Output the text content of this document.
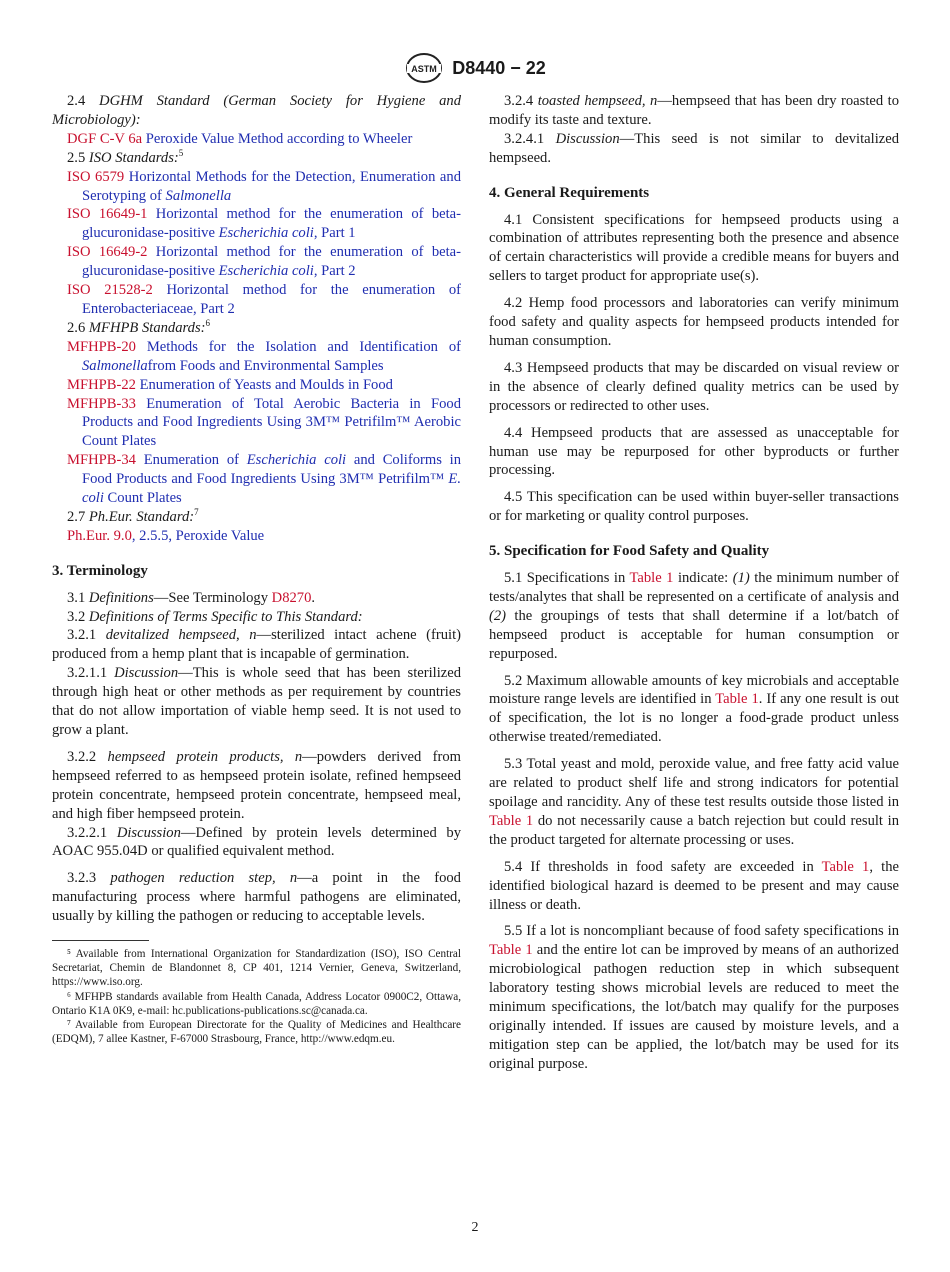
ASTM D8440 − 22

2.4 DGHM Standard (German Society for Hygiene and Microbiology):

DGF C-V 6a Peroxide Value Method according to Wheeler

2.5 ISO Standards:$^5$

ISO 6579 Horizontal Methods for the Detection, Enumeration and Serotyping of Salmonella

ISO 16649-1 Horizontal method for the enumeration of beta-glucuronidase-positive Escherichia coli, Part 1

ISO 16649-2 Horizontal method for the enumeration of beta-glucuronidase-positive Escherichia coli, Part 2

ISO 21528-2 Horizontal method for the enumeration of Enterobacteriaceae, Part 2

2.6 MFHPB Standards:$^6$

MFHPB-20 Methods for the Isolation and Identification of Salmonellafrom Foods and Environmental Samples

MFHPB-22 Enumeration of Yeasts and Moulds in Food

MFHPB-33 Enumeration of Total Aerobic Bacteria in Food Products and Food Ingredients Using 3M™ Petrifilm™ Aerobic Count Plates

MFHPB-34 Enumeration of Escherichia coli and Coliforms in Food Products and Food Ingredients Using 3M™ Petrifilm™ E. coli Count Plates

2.7 Ph.Eur. Standard:$^7$

Ph.Eur. 9.0, 2.5.5, Peroxide Value

3. Terminology

3.1 Definitions—See Terminology D8270.

3.2 Definitions of Terms Specific to This Standard:

3.2.1 devitalized hempseed, n—sterilized intact achene (fruit) produced from a hemp plant that is incapable of germination.

3.2.1.1 Discussion—This is whole seed that has been sterilized through high heat or other methods as per requirement by countries that do not allow importation of viable hemp seed. It is not used to grow a plant.

3.2.2 hempseed protein products, n—powders derived from hempseed referred to as hempseed protein isolate, refined hempseed protein concentrate, hempseed protein concentrate, hempseed meal, and high fiber hempseed protein.

3.2.2.1 Discussion—Defined by protein levels determined by AOAC 955.04D or qualified equivalent method.

3.2.3 pathogen reduction step, n—a point in the food manufacturing process where harmful pathogens are eliminated, usually by killing the pathogen or reducing to acceptable levels.

⁵ Available from International Organization for Standardization (ISO), ISO Central Secretariat, Chemin de Blandonnet 8, CP 401, 1214 Vernier, Geneva, Switzerland, https://www.iso.org.

⁶ MFHPB standards available from Health Canada, Address Locator 0900C2, Ottawa, Ontario K1A 0K9, e-mail: hc.publications-publications.sc@canada.ca.

⁷ Available from European Directorate for the Quality of Medicines and Healthcare (EDQM), 7 allee Kastner, F-67000 Strasbourg, France, http://www.edqm.eu.

3.2.4 toasted hempseed, n—hempseed that has been dry roasted to modify its taste and texture.

3.2.4.1 Discussion—This seed is not similar to devitalized hempseed.

4. General Requirements

4.1 Consistent specifications for hempseed products using a combination of attributes representing both the presence and absence of certain characteristics will provide a credible means for buyers and sellers to target product for appropriate use(s).

4.2 Hemp food processors and laboratories can verify minimum food safety and quality aspects for hempseed products intended for human consumption.

4.3 Hempseed products that may be discarded on visual review or in the absence of clearly defined quality metrics can be used by processors or redirected to other uses.

4.4 Hempseed products that are assessed as unacceptable for human use may be repurposed for other byproducts or further processing.

4.5 This specification can be used within buyer-seller transactions or for marketing or quality control purposes.

5. Specification for Food Safety and Quality

5.1 Specifications in Table 1 indicate: (1) the minimum number of tests/analytes that shall be represented on a certificate of analysis and (2) the groupings of tests that shall determine if a lot/batch of hempseed product is acceptable for human consumption or repurposed.

5.2 Maximum allowable amounts of key microbials and acceptable moisture range levels are identified in Table 1. If any one result is out of specification, the lot is no longer a food-grade product unless otherwise treated/remediated.

5.3 Total yeast and mold, peroxide value, and free fatty acid value are related to product shelf life and strong indicators for potential spoilage and rancidity. Any of these test results outside those listed in Table 1 do not necessarily cause a batch rejection but could result in the product targeted for alternate processing or uses.

5.4 If thresholds in food safety are exceeded in Table 1, the identified biological hazard is deemed to be present and may cause illness or death.

5.5 If a lot is noncompliant because of food safety specifications in Table 1 and the entire lot can be improved by means of an authorized microbiological pathogen reduction step in which subsequent laboratory testing shows microbial levels are reduced to meet the minimum specifications, the lot/batch may qualify for the purposes originally intended. If issues are caused by moisture levels, and a mitigation step can be applied, the lot/batch may be used for its original purpose.

2
